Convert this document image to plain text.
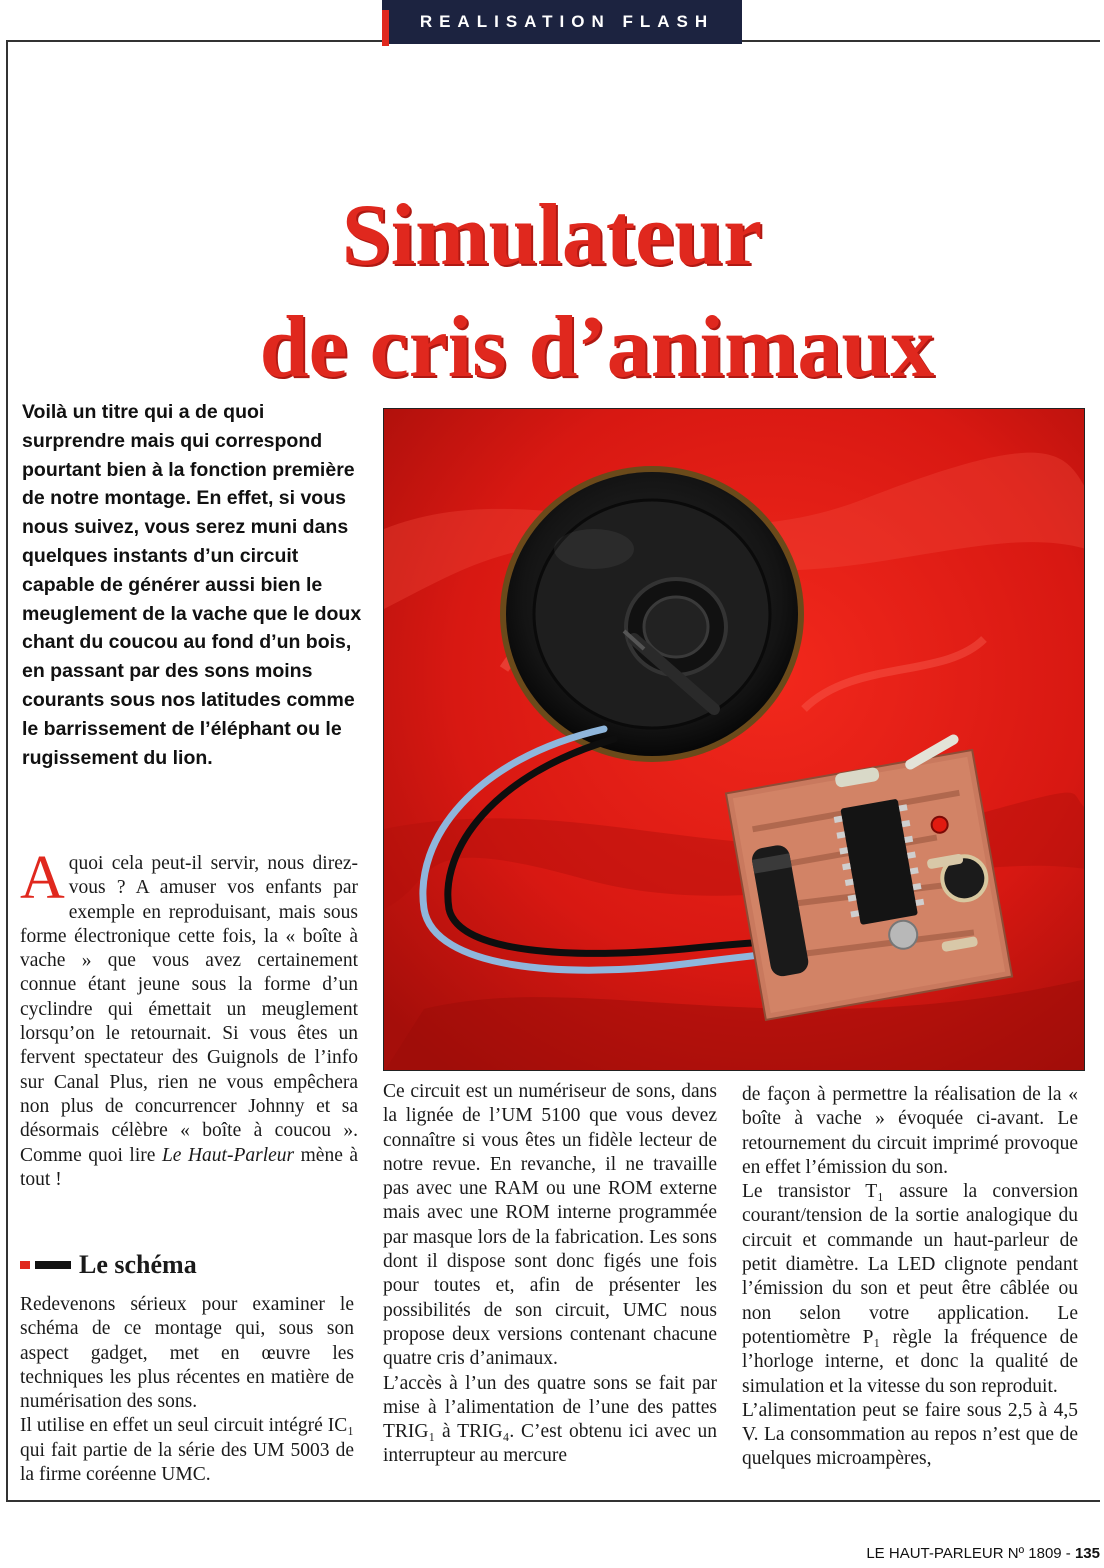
REALISATION FLASH
Simulateur
de cris d’animaux
Voilà un titre qui a de quoi surprendre mais qui correspond pourtant bien à la fonction première de notre montage. En effet, si vous nous suivez, vous serez muni dans quelques instants d’un circuit capable de générer aussi bien le meuglement de la vache que le doux chant du coucou au fond d’un bois, en passant par des sons moins courants sous nos latitudes comme le barrissement de l’éléphant ou le rugissement du lion.

A quoi cela peut-il servir, nous direz-vous ? A amuser vos enfants par exemple en reproduisant, mais sous forme électronique cette fois, la « boîte à vache » que vous avez certainement connue étant jeune sous la forme d’un cyclindre qui émettait un meuglement lorsqu’on le retournait. Si vous êtes un fervent spectateur des Guignols de l’info sur Canal Plus, rien ne vous empêchera non plus de concurrencer Johnny et sa désormais célèbre « boîte à coucou ». Comme quoi lire Le Haut-Parleur mène à tout !

Le schéma

Redevenons sérieux pour examiner le schéma de ce montage qui, sous son aspect gadget, met en œuvre les techniques les plus récentes en matière de numérisation des sons.

Il utilise en effet un seul circuit intégré IC₁ qui fait partie de la série des UM 5003 de la firme coréenne UMC.

Ce circuit est un numériseur de sons, dans la lignée de l’UM 5100 que vous devez connaître si vous êtes un fidèle lecteur de notre revue. En revanche, il ne travaille pas avec une RAM ou une ROM externe mais avec une ROM interne programmée par masque lors de la fabrication. Les sons dont il dispose sont donc figés une fois pour toutes et, afin de présenter les possibilités de son circuit, UMC nous propose deux versions contenant chacune quatre cris d’animaux.

L’accès à l’un des quatre sons se fait par mise à l’alimentation de l’une des pattes TRIG₁ à TRIG₄. C’est obtenu ici avec un interrupteur au mercure

de façon à permettre la réalisation de la « boîte à vache » évoquée ci-avant. Le retournement du circuit imprimé provoque en effet l’émission du son.

Le transistor T₁ assure la conversion courant/tension de la sortie analogique du circuit et commande un haut-parleur de petit diamètre. La LED clignote pendant l’émission du son et peut être câblée ou non selon votre application. Le potentiomètre P₁ règle la fréquence de l’horloge interne, et donc la qualité de simulation et la vitesse du son reproduit.

L’alimentation peut se faire sous 2,5 à 4,5 V. La consommation au repos n’est que de quelques microampères,

LE HAUT-PARLEUR Nº 1809 - 135
